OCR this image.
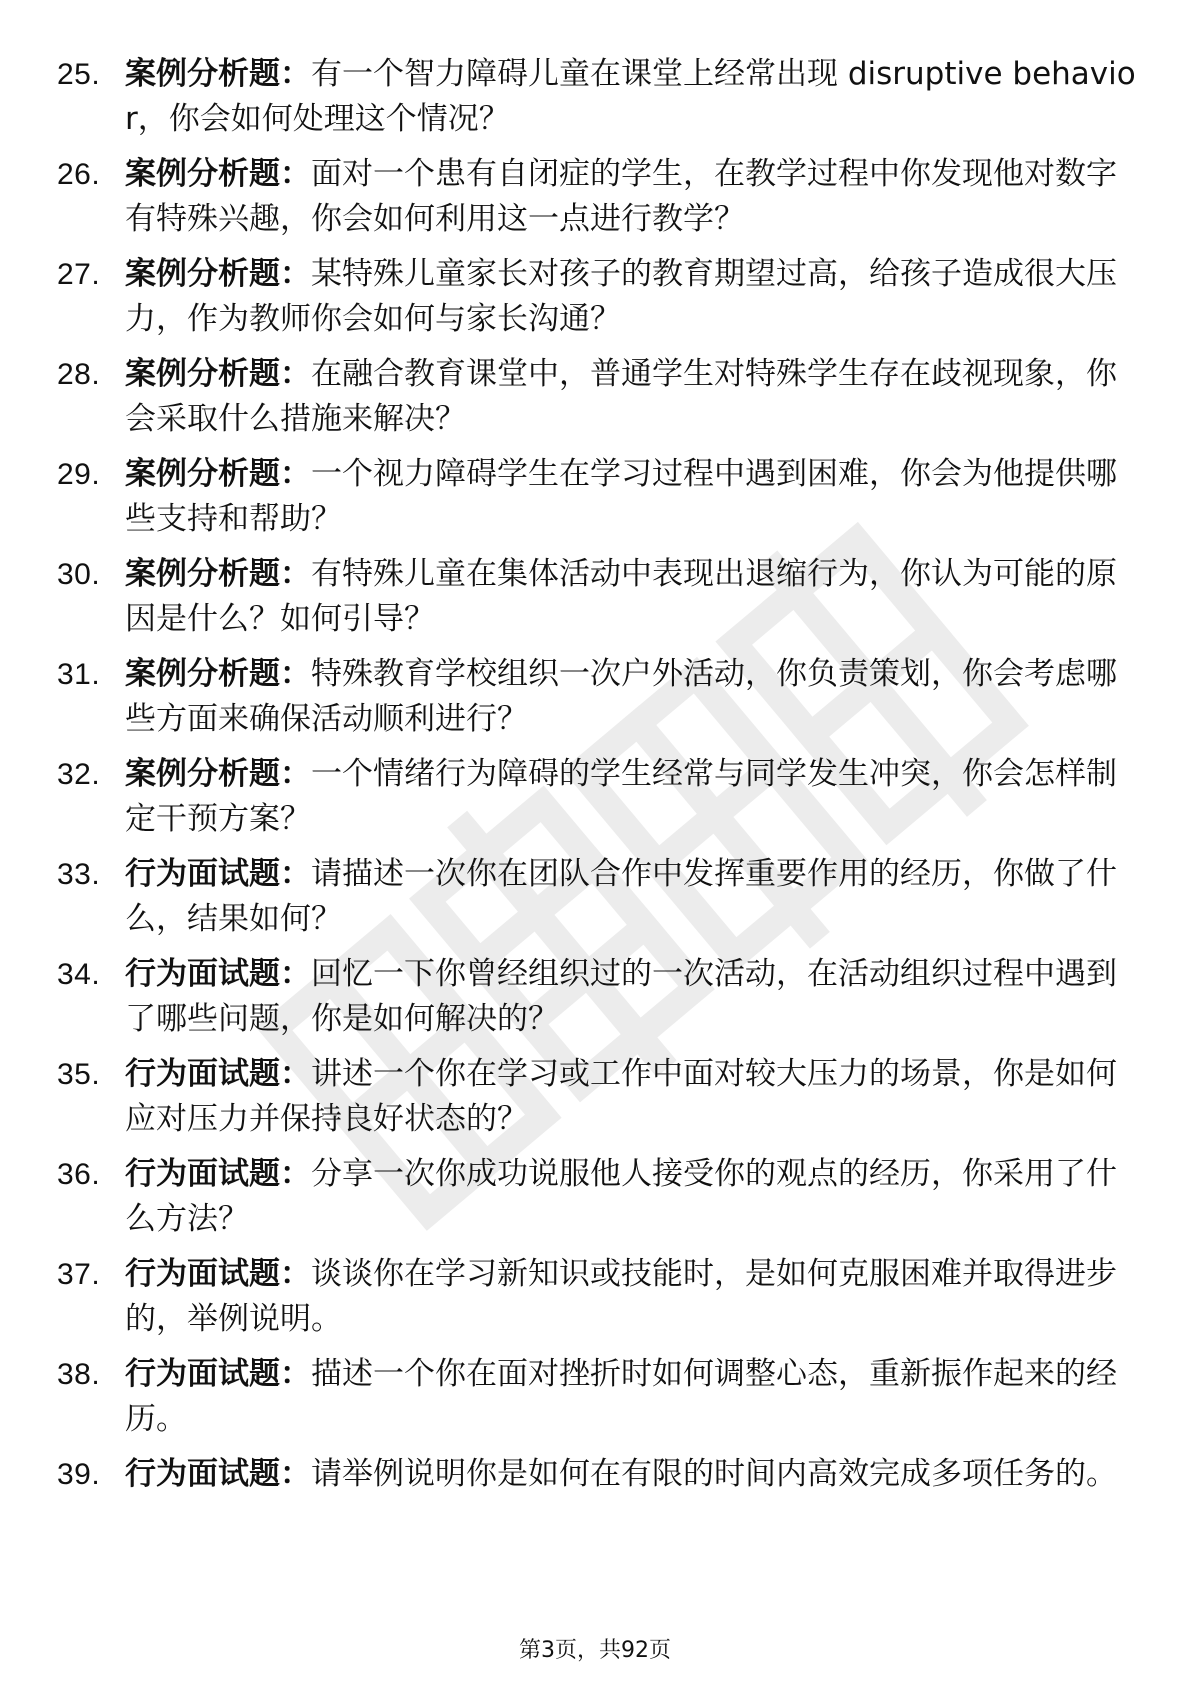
25. 案例分析题：有一个智力障碍儿童在课堂上经常出现 disruptive behavior，你会如何处理这个情况？
26. 案例分析题：面对一个患有自闭症的学生，在教学过程中你发现他对数字有特殊兴趣，你会如何利用这一点进行教学？
27. 案例分析题：某特殊儿童家长对孩子的教育期望过高，给孩子造成很大压力，作为教师你会如何与家长沟通？
28. 案例分析题：在融合教育课堂中，普通学生对特殊学生存在歧视现象，你会采取什么措施来解决？
29. 案例分析题：一个视力障碍学生在学习过程中遇到困难，你会为他提供哪些支持和帮助？
30. 案例分析题：有特殊儿童在集体活动中表现出退缩行为，你认为可能的原因是什么？如何引导？
31. 案例分析题：特殊教育学校组织一次户外活动，你负责策划，你会考虑哪些方面来确保活动顺利进行？
32. 案例分析题：一个情绪行为障碍的学生经常与同学发生冲突，你会怎样制定干预方案？
33. 行为面试题：请描述一次你在团队合作中发挥重要作用的经历，你做了什么，结果如何？
34. 行为面试题：回忆一下你曾经组织过的一次活动，在活动组织过程中遇到了哪些问题，你是如何解决的？
35. 行为面试题：讲述一个你在学习或工作中面对较大压力的场景，你是如何应对压力并保持良好状态的？
36. 行为面试题：分享一次你成功说服他人接受你的观点的经历，你采用了什么方法？
37. 行为面试题：谈谈你在学习新知识或技能时，是如何克服困难并取得进步的，举例说明。
38. 行为面试题：描述一个你在面对挫折时如何调整心态，重新振作起来的经历。
39. 行为面试题：请举例说明你是如何在有限的时间内高效完成多项任务的。
第3页，共92页
